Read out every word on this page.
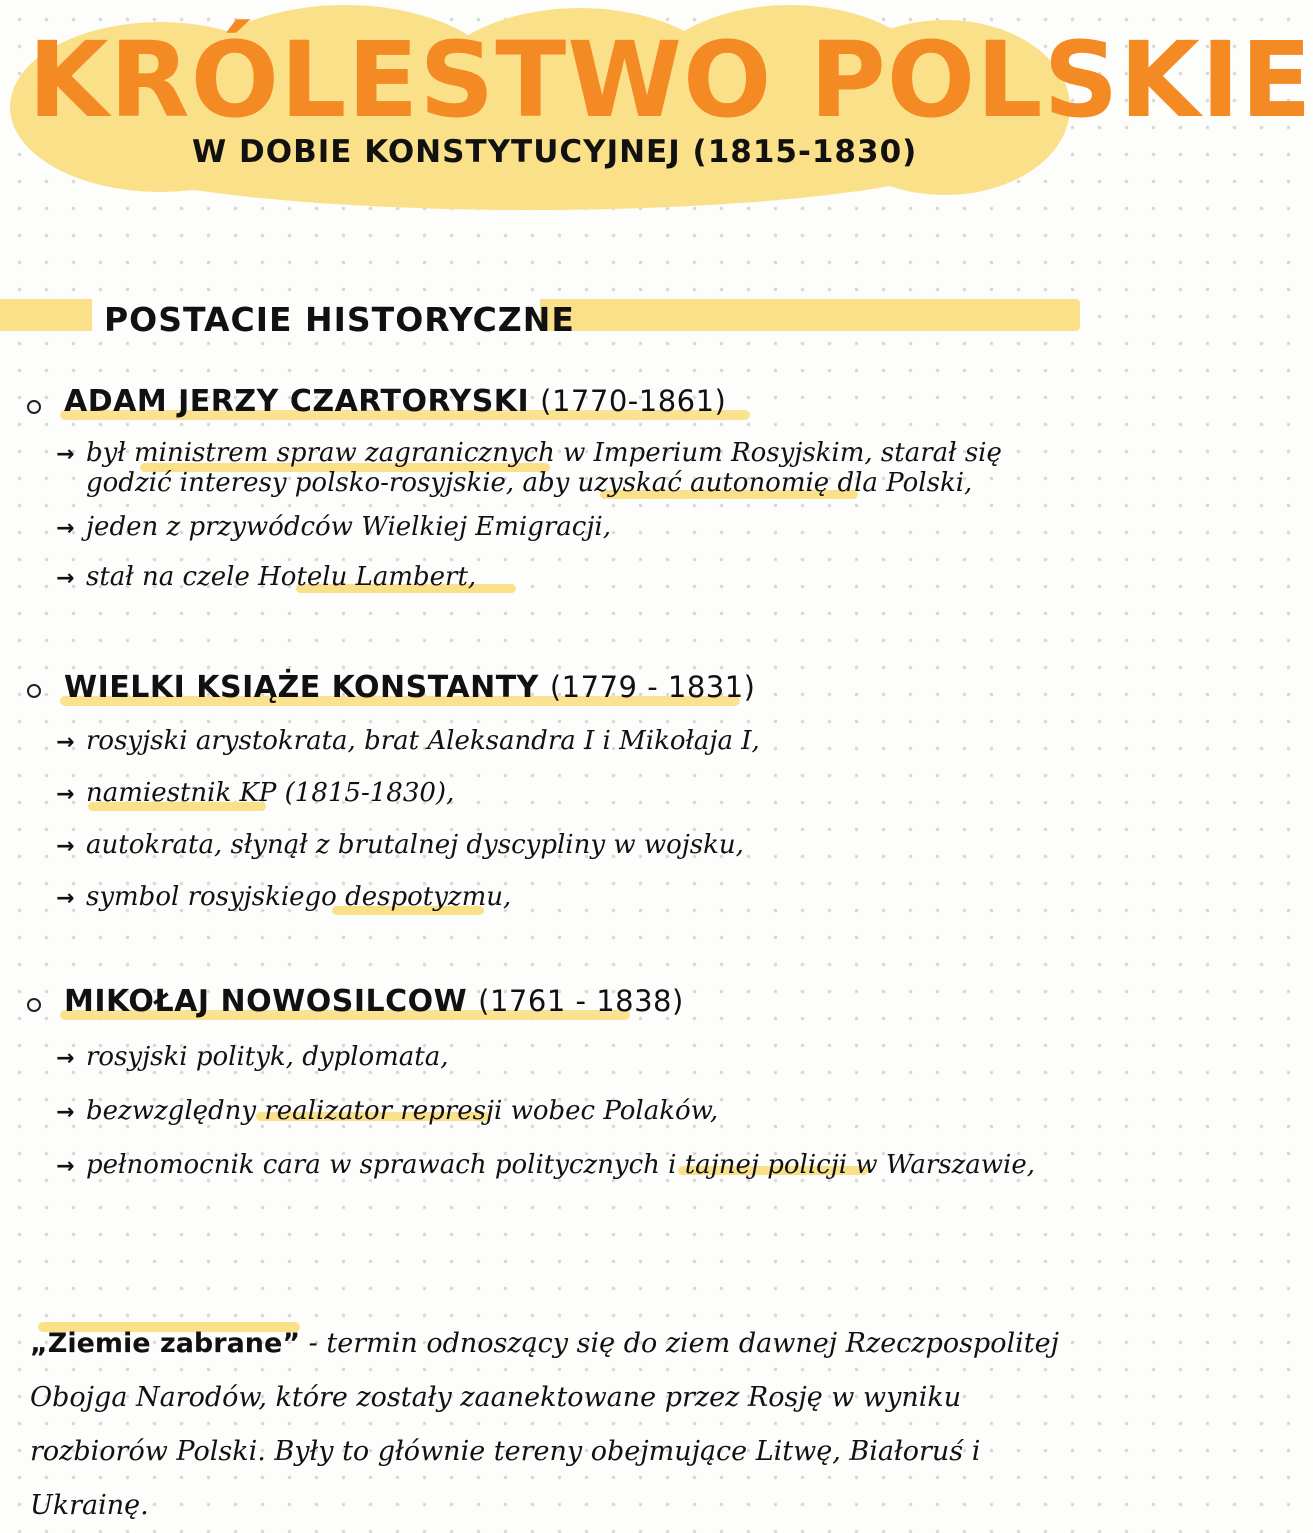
KRÓLESTWO POLSKIE
W DOBIE KONSTYTUCYJNEJ (1815-1830)
POSTACIE HISTORYCZNE
ADAM JERZY CZARTORYSKI (1770-1861)
→ był ministrem spraw zagranicznych w Imperium Rosyjskim, starał się godzić interesy polsko-rosyjskie, aby uzyskać autonomię dla Polski,
→ jeden z przywódców Wielkiej Emigracji,
→ stał na czele Hotelu Lambert,
WIELKI KSIĄŻE KONSTANTY (1779 - 1831)
→ rosyjski arystokrata, brat Aleksandra I i Mikołaja I,
→ namiestnik KP (1815-1830),
→ autokrata, słynął z brutalnej dyscypliny w wojsku,
→ symbol rosyjskiego despotyzmu,
MIKOŁAJ NOWOSILCOW (1761 - 1838)
→ rosyjski polityk, dyplomata,
→ bezwzględny realizator represji wobec Polaków,
→ pełnomocnik cara w sprawach politycznych i tajnej policji w Warszawie,

„Ziemie zabrane” - termin odnoszący się do ziem dawnej Rzeczpospolitej Obojga Narodów, które zostały zaanektowane przez Rosję w wyniku rozbiorów Polski. Były to głównie tereny obejmujące Litwę, Białoruś i Ukrainę.
